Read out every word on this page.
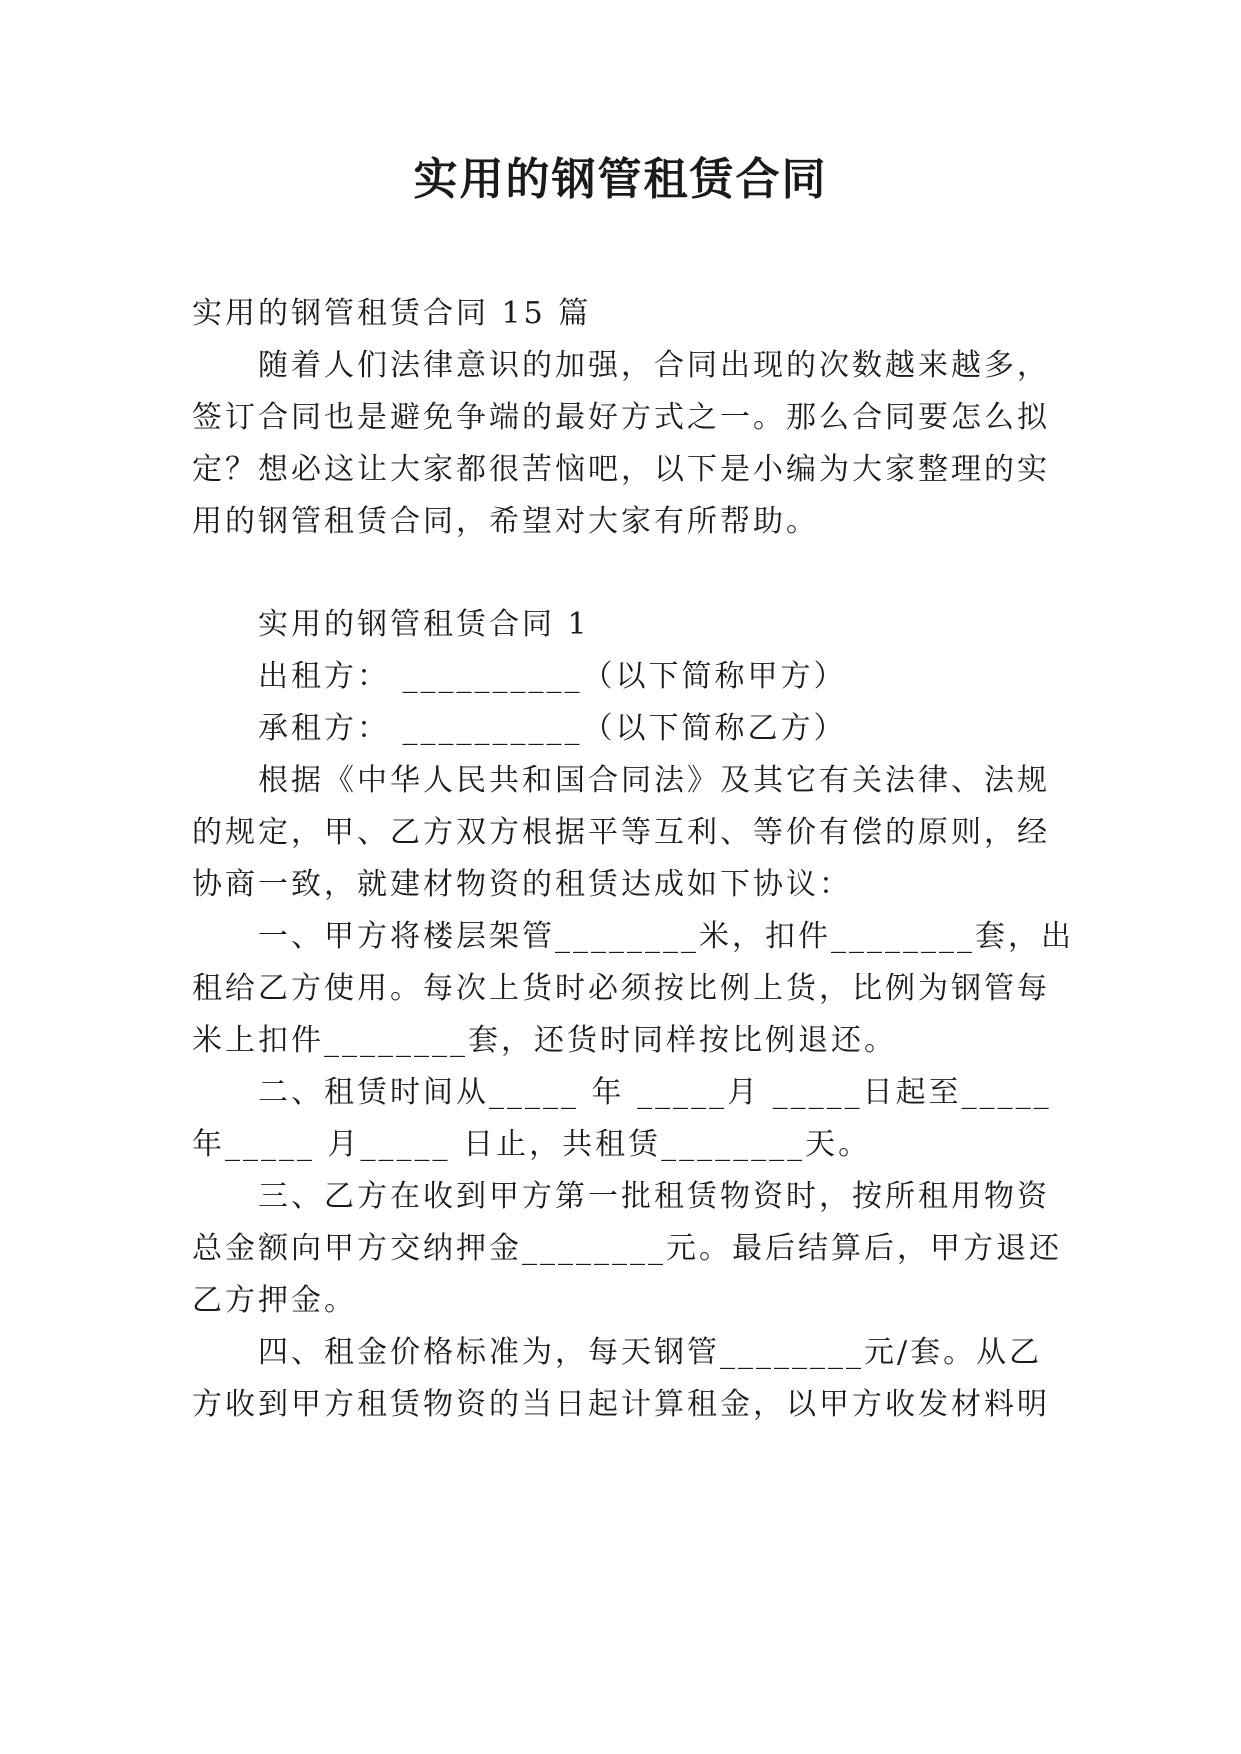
实用的钢管租赁合同
实用的钢管租赁合同 15 篇
随着人们法律意识的加强，合同出现的次数越来越多，
签订合同也是避免争端的最好方式之一。那么合同要怎么拟
定？想必这让大家都很苦恼吧，以下是小编为大家整理的实
用的钢管租赁合同，希望对大家有所帮助。
实用的钢管租赁合同 1
出租方： __________（以下简称甲方）
承租方： __________（以下简称乙方）
根据《中华人民共和国合同法》及其它有关法律、法规
的规定，甲、乙方双方根据平等互利、等价有偿的原则，经
协商一致，就建材物资的租赁达成如下协议：
一、甲方将楼层架管________米，扣件________套，出
租给乙方使用。每次上货时必须按比例上货，比例为钢管每
米上扣件________套，还货时同样按比例退还。
二、租赁时间从_____ 年 _____月 _____日起至_____
年_____ 月_____ 日止，共租赁________天。
三、乙方在收到甲方第一批租赁物资时，按所租用物资
总金额向甲方交纳押金________元。最后结算后，甲方退还
乙方押金。
四、租金价格标准为，每天钢管________元/套。从乙
方收到甲方租赁物资的当日起计算租金，以甲方收发材料明
